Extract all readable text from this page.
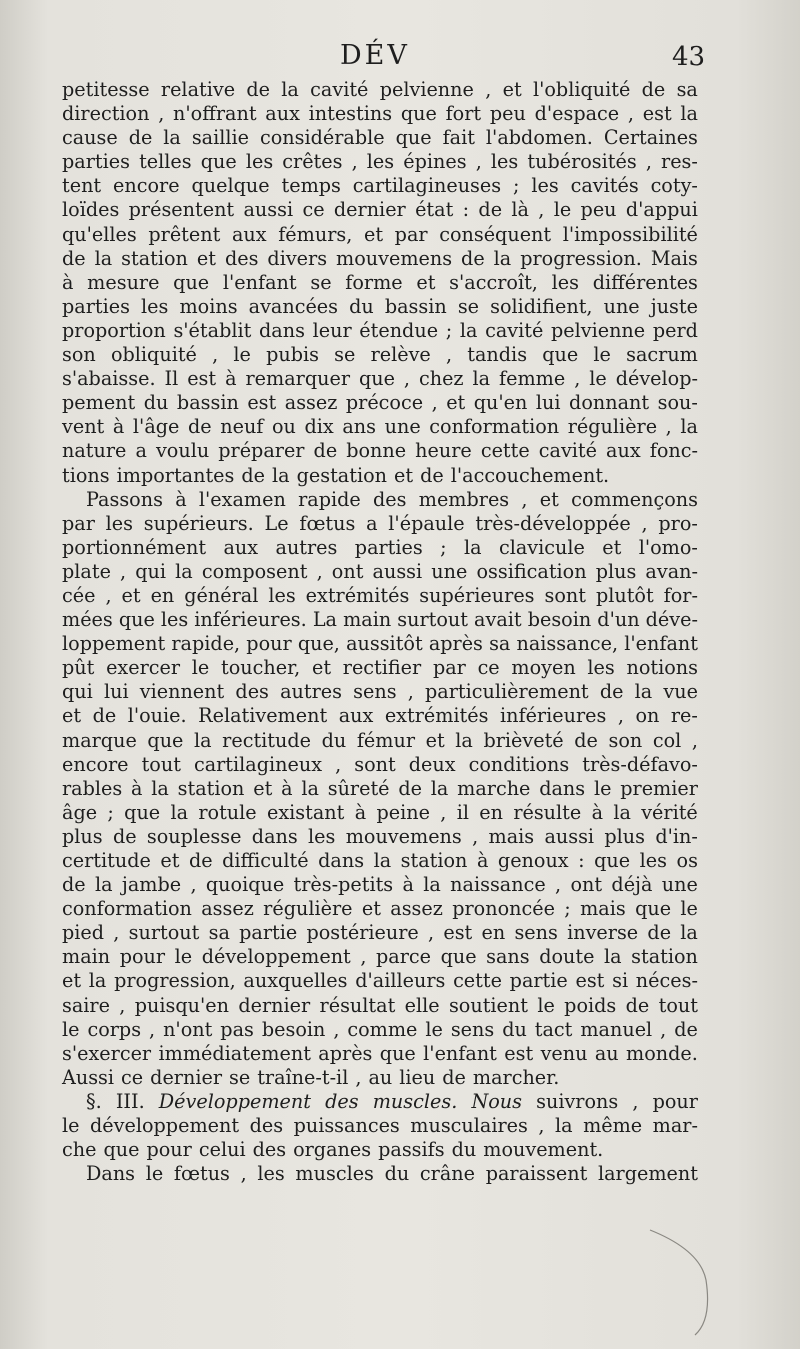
DÉV	43
petitesse relative de la cavité pelvienne , et l'obliquité de sa
direction , n'offrant aux intestins que fort peu d'espace , est la
cause de la saillie considérable que fait l'abdomen. Certaines
parties telles que les crêtes , les épines , les tubérosités , res-
tent encore quelque temps cartilagineuses ; les cavités coty-
loïdes présentent aussi ce dernier état : de là , le peu d'appui
qu'elles prêtent aux fémurs, et par conséquent l'impossibilité
de la station et des divers mouvemens de la progression. Mais
à mesure que l'enfant se forme et s'accroît, les différentes
parties les moins avancées du bassin se solidifient, une juste
proportion s'établit dans leur étendue ; la cavité pelvienne perd
son obliquité , le pubis se relève , tandis que le sacrum
s'abaisse. Il est à remarquer que , chez la femme , le dévelop-
pement du bassin est assez précoce , et qu'en lui donnant sou-
vent à l'âge de neuf ou dix ans une conformation régulière , la
nature a voulu préparer de bonne heure cette cavité aux fonc-
tions importantes de la gestation et de l'accouchement.
Passons à l'examen rapide des membres , et commençons
par les supérieurs. Le fœtus a l'épaule très-développée , pro-
portionnément aux autres parties ; la clavicule et l'omo-
plate , qui la composent , ont aussi une ossification plus avan-
cée , et en général les extrémités supérieures sont plutôt for-
mées que les inférieures. La main surtout avait besoin d'un déve-
loppement rapide, pour que, aussitôt après sa naissance, l'enfant
pût exercer le toucher, et rectifier par ce moyen les notions
qui lui viennent des autres sens , particulièrement de la vue
et de l'ouie. Relativement aux extrémités inférieures , on re-
marque que la rectitude du fémur et la brièveté de son col ,
encore tout cartilagineux , sont deux conditions très-défavo-
rables à la station et à la sûreté de la marche dans le premier
âge ; que la rotule existant à peine , il en résulte à la vérité
plus de souplesse dans les mouvemens , mais aussi plus d'in-
certitude et de difficulté dans la station à genoux : que les os
de la jambe , quoique très-petits à la naissance , ont déjà une
conformation assez régulière et assez prononcée ; mais que le
pied , surtout sa partie postérieure , est en sens inverse de la
main pour le développement , parce que sans doute la station
et la progression, auxquelles d'ailleurs cette partie est si néces-
saire , puisqu'en dernier résultat elle soutient le poids de tout
le corps , n'ont pas besoin , comme le sens du tact manuel , de
s'exercer immédiatement après que l'enfant est venu au monde.
Aussi ce dernier se traîne-t-il , au lieu de marcher.
§. III. Développement des muscles. Nous suivrons , pour
le développement des puissances musculaires , la même mar-
che que pour celui des organes passifs du mouvement.
Dans le fœtus , les muscles du crâne paraissent largement
